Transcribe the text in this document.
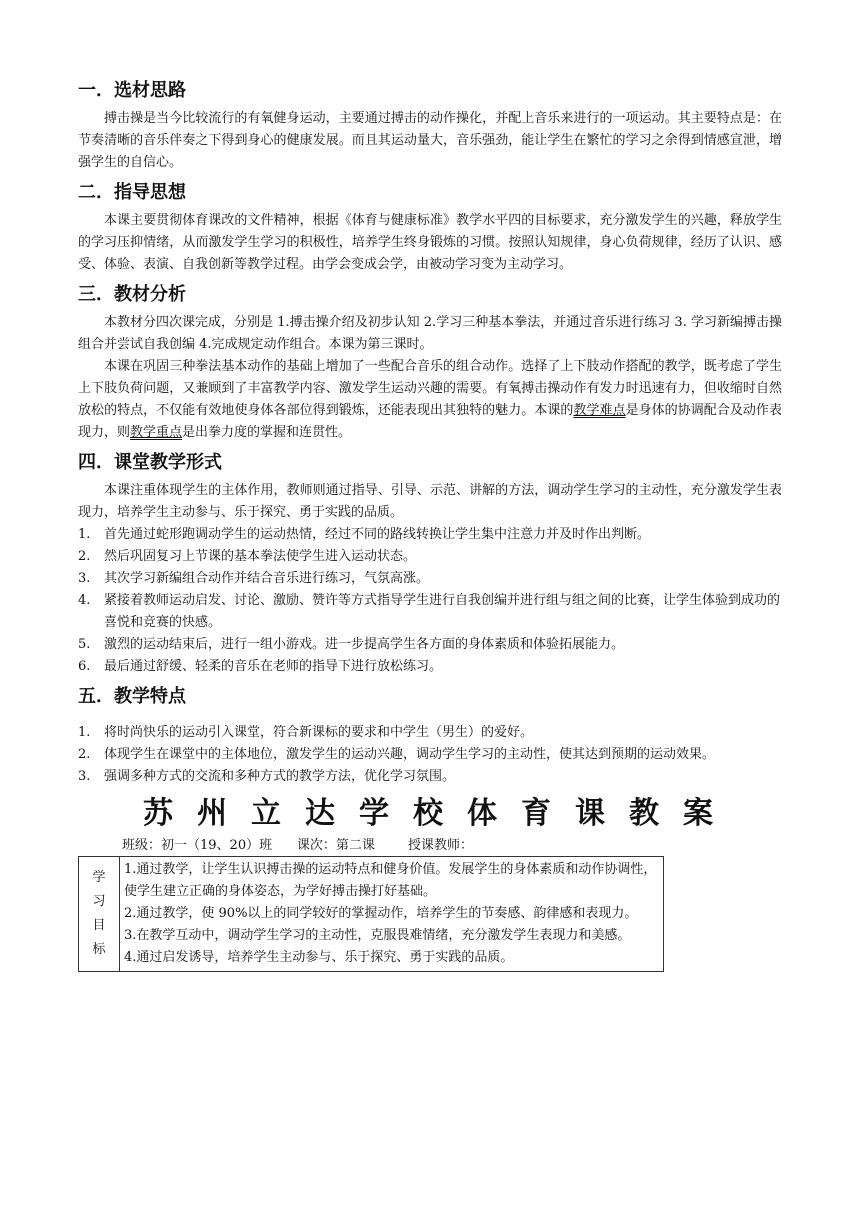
一．选材思路

搏击操是当今比较流行的有氧健身运动，主要通过搏击的动作操化，并配上音乐来进行的一项运动。其主要特点是：在节奏清晰的音乐伴奏之下得到身心的健康发展。而且其运动量大，音乐强劲，能让学生在繁忙的学习之余得到情感宣泄，增强学生的自信心。

二．指导思想

本课主要贯彻体育课改的文件精神，根据《体育与健康标准》教学水平四的目标要求，充分激发学生的兴趣，释放学生的学习压抑情绪，从而激发学生学习的积极性，培养学生终身锻炼的习惯。按照认知规律，身心负荷规律，经历了认识、感受、体验、表演、自我创新等教学过程。由学会变成会学，由被动学习变为主动学习。

三．教材分析

本教材分四次课完成，分别是 1.搏击操介绍及初步认知 2.学习三种基本拳法，并通过音乐进行练习 3. 学习新编搏击操组合并尝试自我创编 4.完成规定动作组合。本课为第三课时。

本课在巩固三种拳法基本动作的基础上增加了一些配合音乐的组合动作。选择了上下肢动作搭配的教学，既考虑了学生上下肢负荷问题，又兼顾到了丰富教学内容、激发学生运动兴趣的需要。有氧搏击操动作有发力时迅速有力，但收缩时自然放松的特点，不仅能有效地使身体各部位得到锻炼，还能表现出其独特的魅力。本课的教学难点是身体的协调配合及动作表现力，则教学重点是出拳力度的掌握和连贯性。

四．课堂教学形式

本课注重体现学生的主体作用，教师则通过指导、引导、示范、讲解的方法，调动学生学习的主动性，充分激发学生表现力，培养学生主动参与、乐于探究、勇于实践的品质。

1. 首先通过蛇形跑调动学生的运动热情，经过不同的路线转换让学生集中注意力并及时作出判断。
2. 然后巩固复习上节课的基本拳法使学生进入运动状态。
3. 其次学习新编组合动作并结合音乐进行练习，气氛高涨。
4. 紧接着教师运动启发、讨论、激励、赞许等方式指导学生进行自我创编并进行组与组之间的比赛，让学生体验到成功的喜悦和竞赛的快感。
5. 激烈的运动结束后，进行一组小游戏。进一步提高学生各方面的身体素质和体验拓展能力。
6. 最后通过舒缓、轻柔的音乐在老师的指导下进行放松练习。
五．教学特点
1. 将时尚快乐的运动引入课堂，符合新课标的要求和中学生（男生）的爱好。
2. 体现学生在课堂中的主体地位，激发学生的运动兴趣，调动学生学习的主动性，使其达到预期的运动效果。
3. 强调多种方式的交流和多种方式的教学方法，优化学习氛围。
苏州立达学校体育课教案
班级：初一（19、20）班 课次：第二课	授课教师：
学
习
目
标

1.通过教学，让学生认识搏击操的运动特点和健身价值。发展学生的身体素质和动作协调性，使学生建立正确的身体姿态，为学好搏击操打好基础。
2.通过教学，使 90%以上的同学较好的掌握动作，培养学生的节奏感、韵律感和表现力。
3.在教学互动中，调动学生学习的主动性，克服畏难情绪，充分激发学生表现力和美感。
4.通过启发诱导，培养学生主动参与、乐于探究、勇于实践的品质。
